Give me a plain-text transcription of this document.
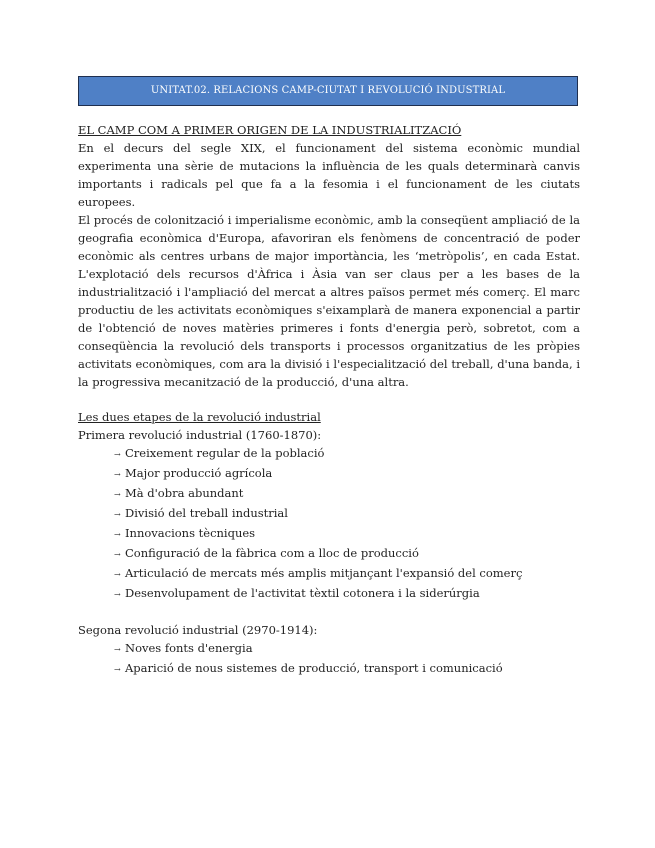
UNITAT.02. RELACIONS CAMP-CIUTAT I REVOLUCIÓ INDUSTRIAL

EL CAMP COM A PRIMER ORIGEN DE LA INDUSTRIALITZACIÓ

En el decurs del segle XIX, el funcionament del sistema econòmic mundial experimenta una sèrie de mutacions la influència de les quals determinarà canvis importants i radicals pel que fa a la fesomia i el funcionament de les ciutats europees.

El procés de colonització i imperialisme econòmic, amb la conseqüent ampliació de la geografia econòmica d'Europa, afavoriran els fenòmens de concentració de poder econòmic als centres urbans de major importància, les ‘metròpolis’, en cada Estat. L'explotació dels recursos d'Àfrica i Àsia van ser claus per a les bases de la industrialització i l'ampliació del mercat a altres països permet més comerç. El marc productiu de les activitats econòmiques s'eixamplarà de manera exponencial a partir de l'obtenció de noves matèries primeres i fonts d'energia però, sobretot, com a conseqüència la revolució dels transports i processos organitzatius de les pròpies activitats econòmiques, com ara la divisió i l'especialització del treball, d'una banda, i la progressiva mecanització de la producció, d'una altra.

Les dues etapes de la revolució industrial

Primera revolució industrial (1760-1870):

→ Creixement regular de la població
→ Major producció agrícola
→ Mà d'obra abundant
→ Divisió del treball industrial
→ Innovacions tècniques
→ Configuració de la fàbrica com a lloc de producció
→ Articulació de mercats més amplis mitjançant l'expansió del comerç
→ Desenvolupament de l'activitat tèxtil cotonera i la siderúrgia

Segona revolució industrial (2970-1914):

→ Noves fonts d'energia
→ Aparició de nous sistemes de producció, transport i comunicació
